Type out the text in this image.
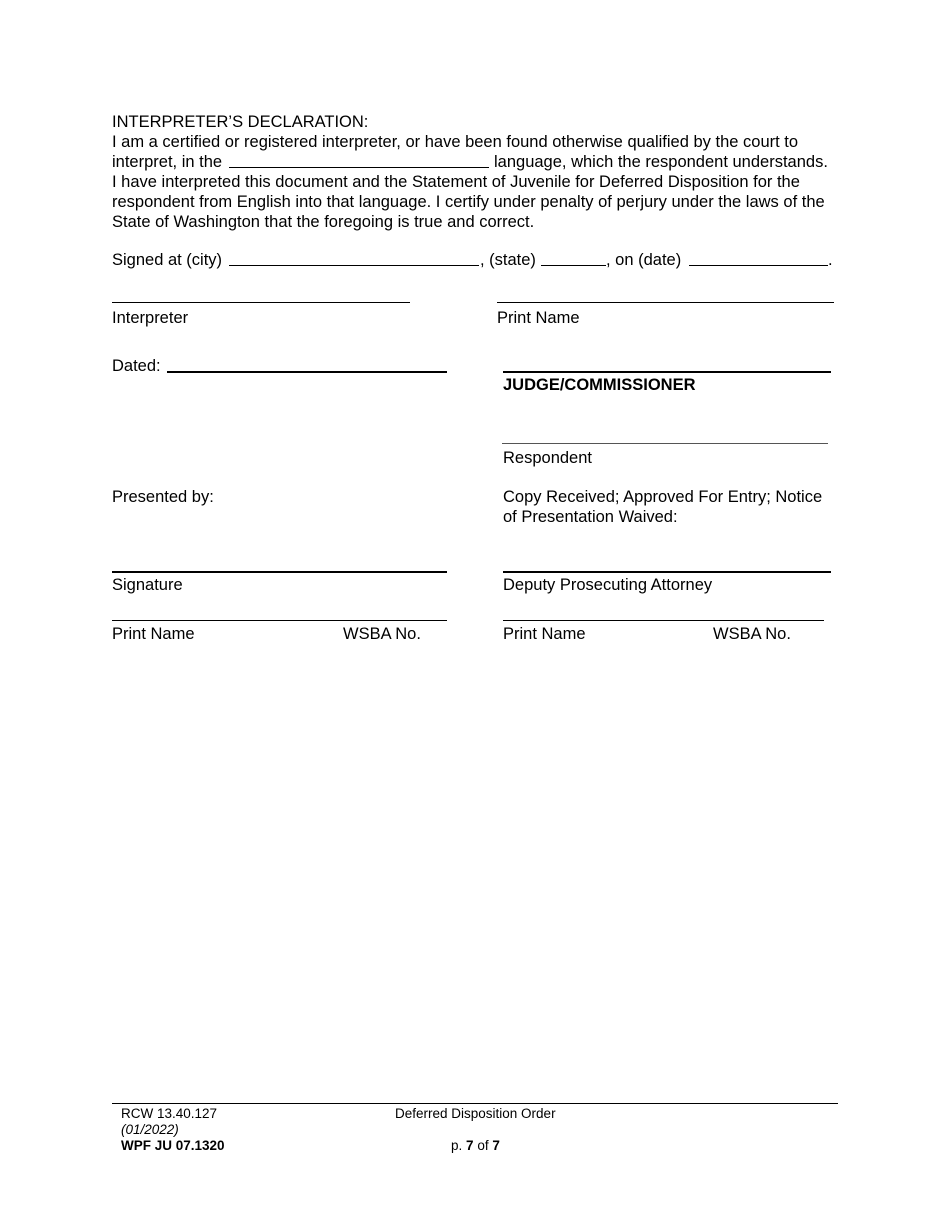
INTERPRETER’S DECLARATION:
I am a certified or registered interpreter, or have been found otherwise qualified by the court to
interpret, in the	language, which the respondent understands.
I have interpreted this document and the Statement of Juvenile for Deferred Disposition for the
respondent from English into that language. I certify under penalty of perjury under the laws of the
State of Washington that the foregoing is true and correct.
Signed at (city)	, (state)	, on (date)	.
Interpreter	Print Name
Dated:
JUDGE/COMMISSIONER
Respondent
Presented by:	Copy Received; Approved For Entry; Notice
of Presentation Waived:
Signature	Deputy Prosecuting Attorney
Print Name	WSBA No.	Print Name	WSBA No.
RCW 13.40.127
(01/2022)
WPF JU 07.1320
Deferred Disposition Order
p. 7 of 7
